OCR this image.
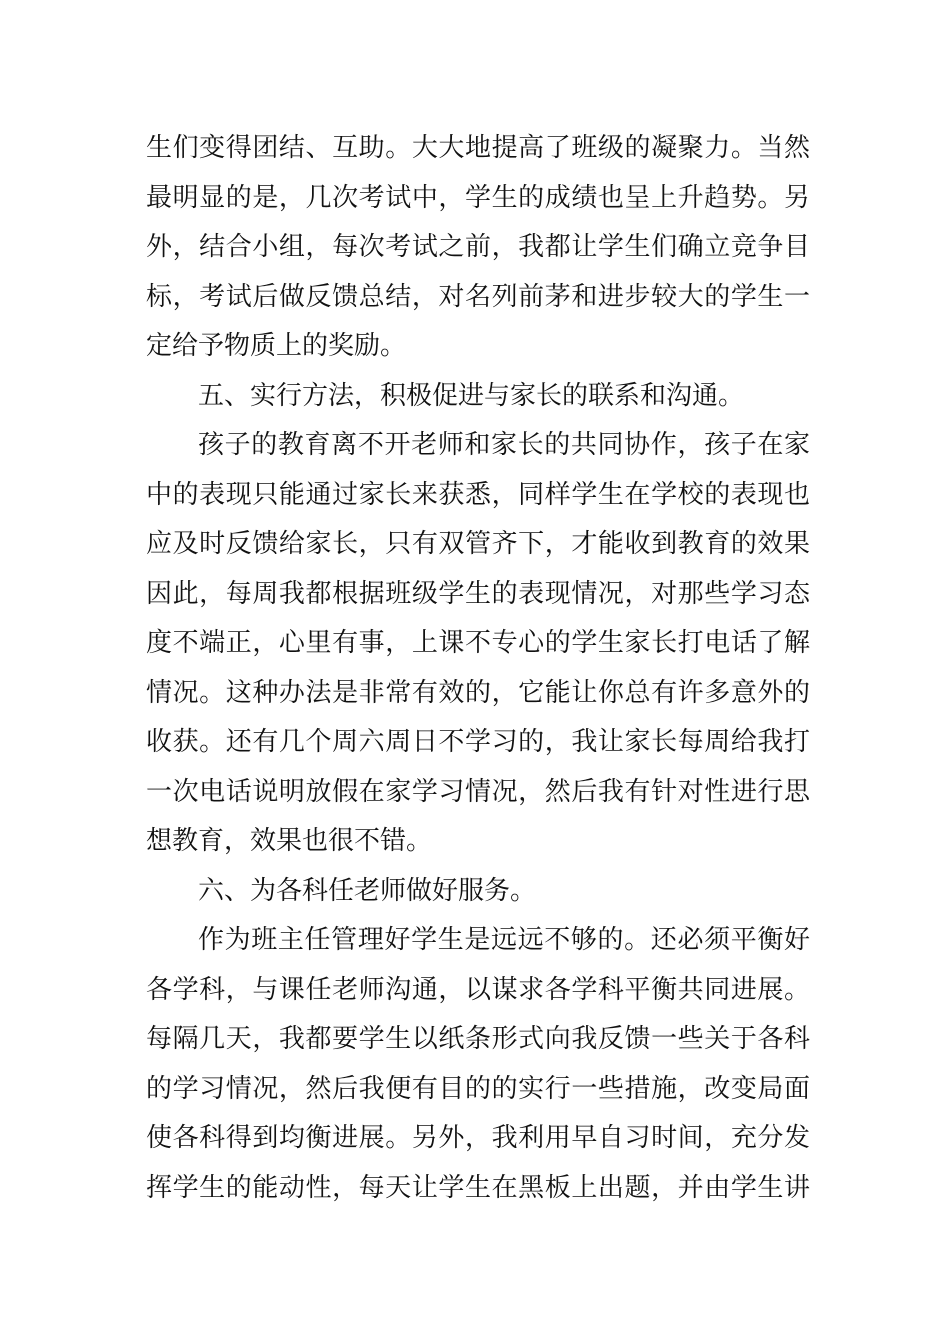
生们变得团结、互助。大大地提高了班级的凝聚力。当然
最明显的是，几次考试中，学生的成绩也呈上升趋势。另
外，结合小组，每次考试之前，我都让学生们确立竞争目
标，考试后做反馈总结，对名列前茅和进步较大的学生一
定给予物质上的奖励。
五、实行方法，积极促进与家长的联系和沟通。
孩子的教育离不开老师和家长的共同协作，孩子在家
中的表现只能通过家长来获悉，同样学生在学校的表现也
应及时反馈给家长，只有双管齐下，才能收到教育的效果
因此，每周我都根据班级学生的表现情况，对那些学习态
度不端正，心里有事，上课不专心的学生家长打电话了解
情况。这种办法是非常有效的，它能让你总有许多意外的
收获。还有几个周六周日不学习的，我让家长每周给我打
一次电话说明放假在家学习情况，然后我有针对性进行思
想教育，效果也很不错。
六、为各科任老师做好服务。
作为班主任管理好学生是远远不够的。还必须平衡好
各学科，与课任老师沟通，以谋求各学科平衡共同进展。
每隔几天，我都要学生以纸条形式向我反馈一些关于各科
的学习情况，然后我便有目的的实行一些措施，改变局面
使各科得到均衡进展。另外，我利用早自习时间，充分发
挥学生的能动性，每天让学生在黑板上出题，并由学生讲
